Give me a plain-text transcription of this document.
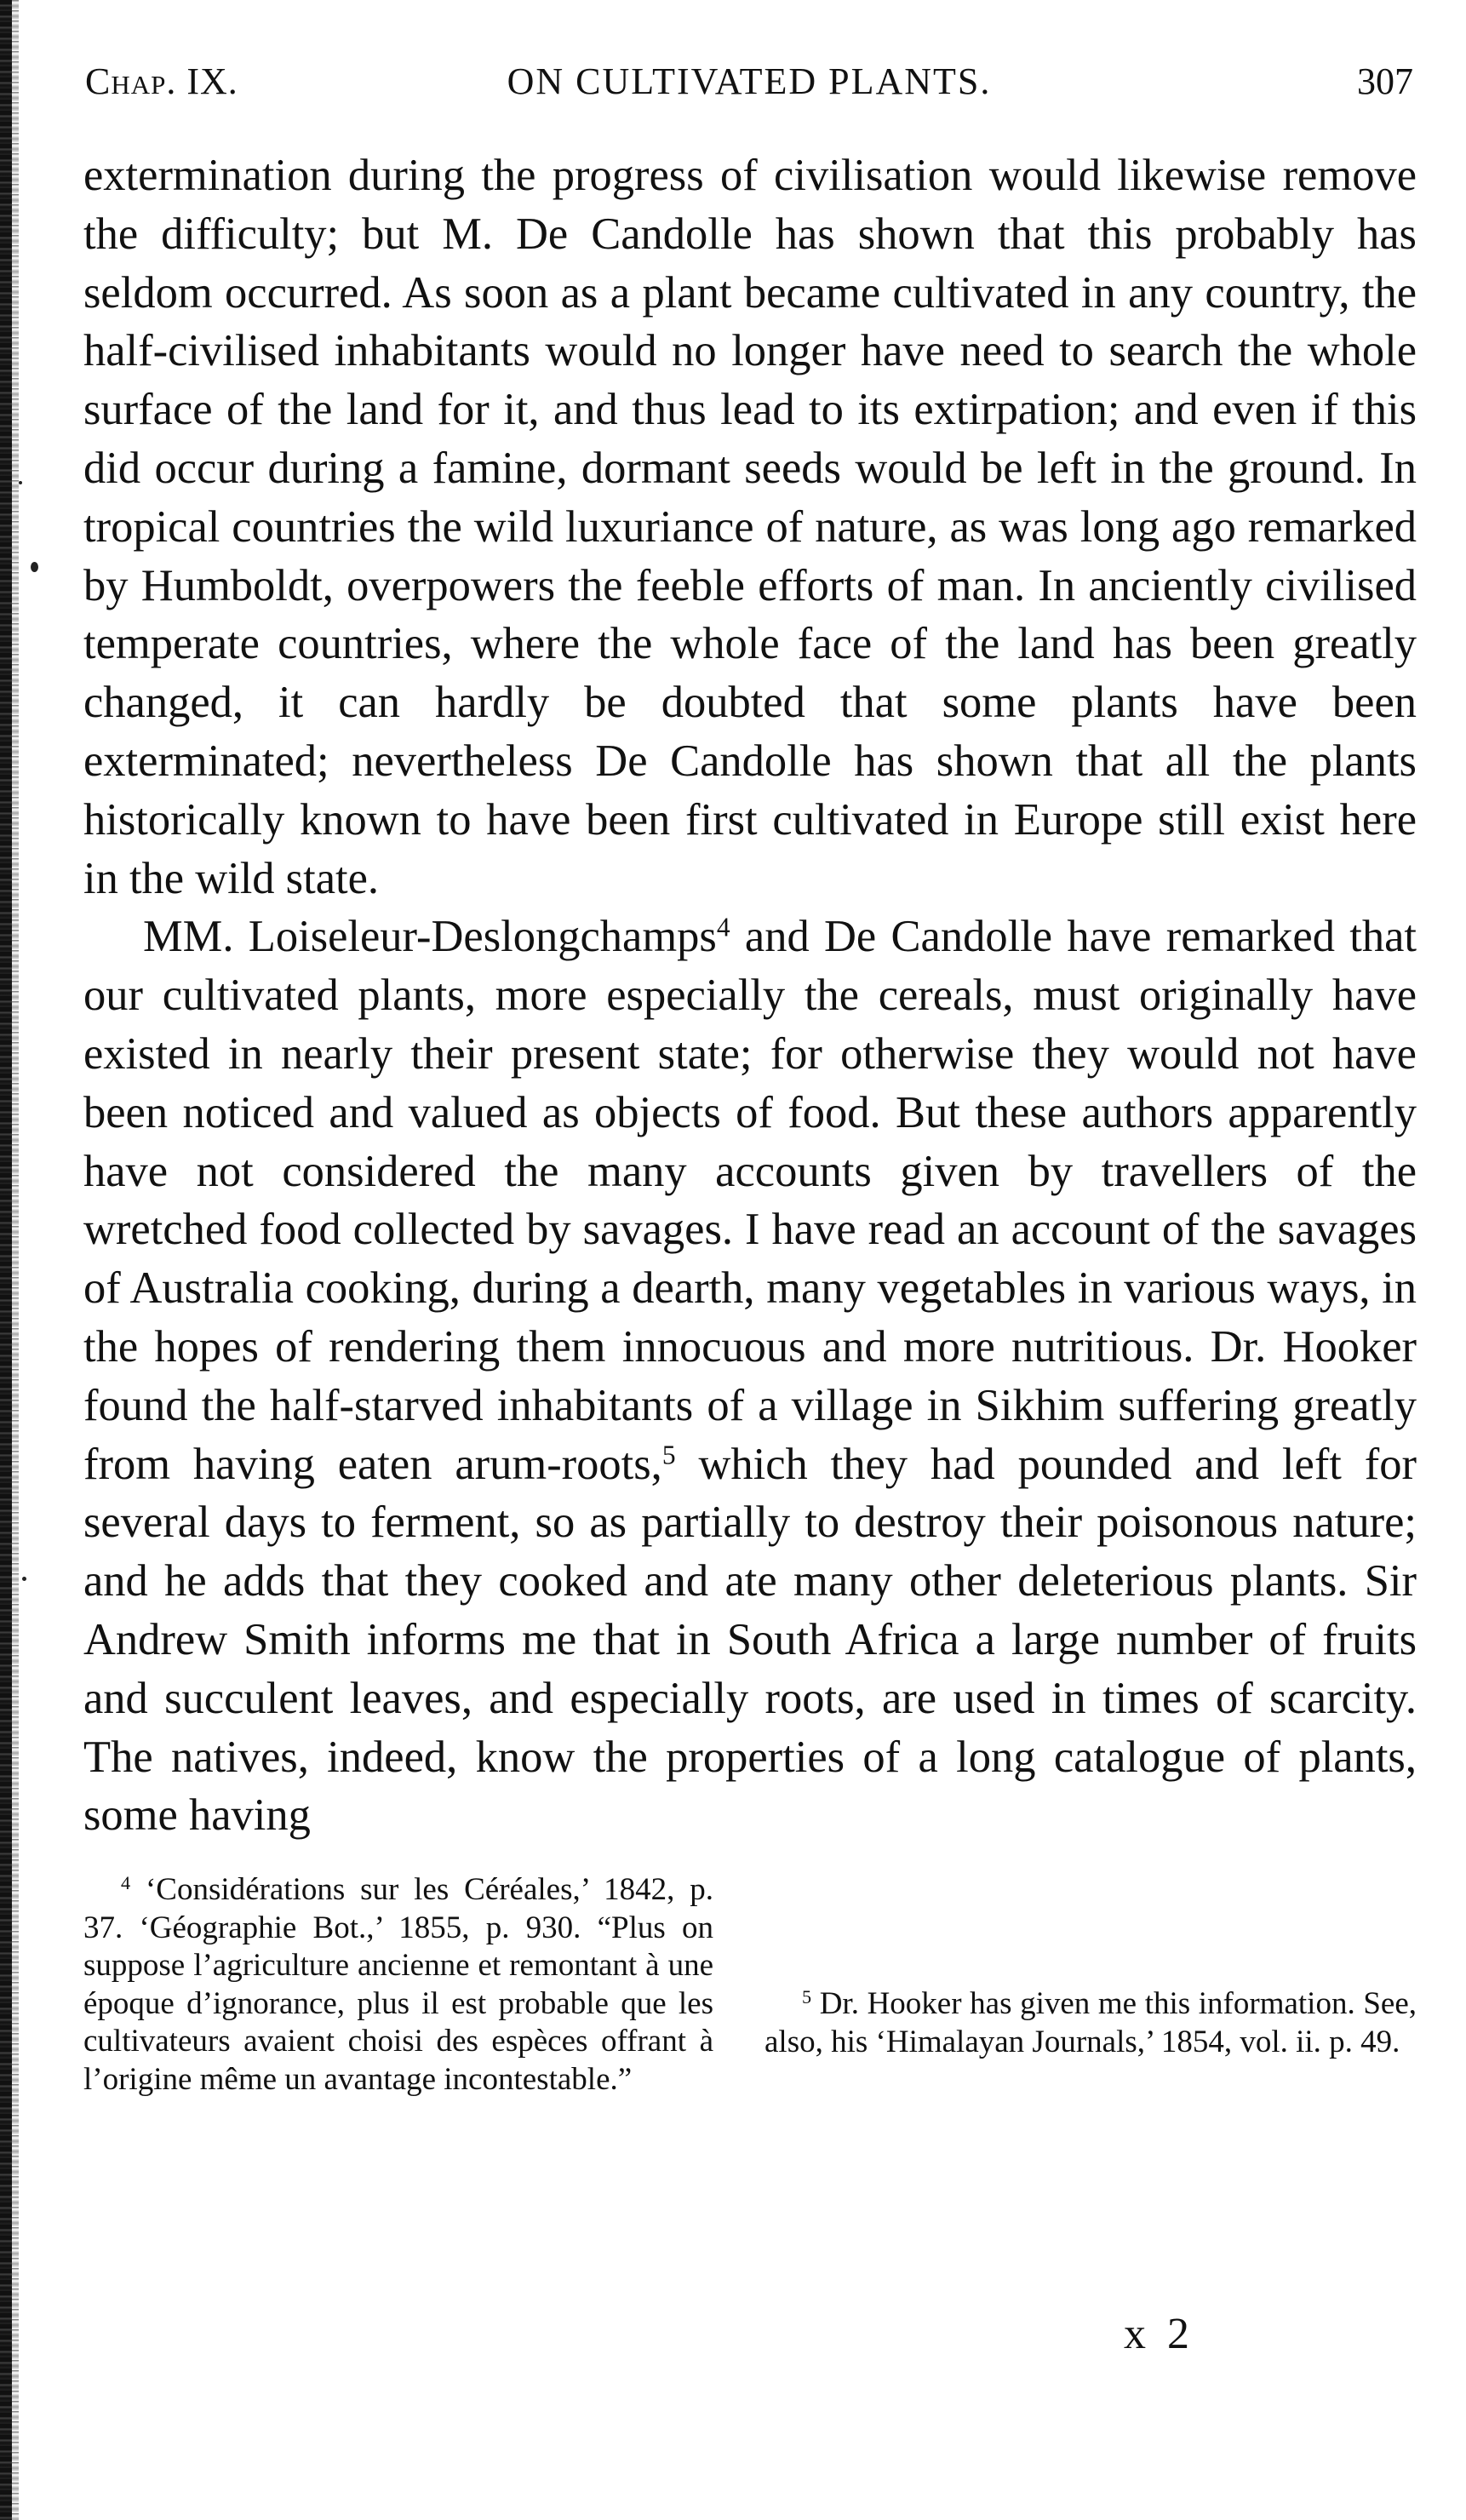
Chap. IX.	ON CULTIVATED PLANTS.	307

extermination during the progress of civilisation would likewise remove the difficulty; but M. De Candolle has shown that this probably has seldom occurred. As soon as a plant became cultivated in any country, the half-civilised inhabitants would no longer have need to search the whole surface of the land for it, and thus lead to its extirpation; and even if this did occur during a famine, dormant seeds would be left in the ground. In tropical countries the wild luxuriance of nature, as was long ago remarked by Humboldt, overpowers the feeble efforts of man. In anciently civilised temperate countries, where the whole face of the land has been greatly changed, it can hardly be doubted that some plants have been exterminated; nevertheless De Candolle has shown that all the plants historically known to have been first cultivated in Europe still exist here in the wild state.

MM. Loiseleur-Deslongchamps$^4$ and De Candolle have remarked that our cultivated plants, more especially the cereals, must originally have existed in nearly their present state; for otherwise they would not have been noticed and valued as objects of food. But these authors apparently have not considered the many accounts given by travellers of the wretched food collected by savages. I have read an account of the savages of Australia cooking, during a dearth, many vegetables in various ways, in the hopes of rendering them innocuous and more nutritious. Dr. Hooker found the half-starved inhabitants of a village in Sikhim suffering greatly from having eaten arum-roots,$^5$ which they had pounded and left for several days to ferment, so as partially to destroy their poisonous nature; and he adds that they cooked and ate many other deleterious plants. Sir Andrew Smith informs me that in South Africa a large number of fruits and succulent leaves, and especially roots, are used in times of scarcity. The natives, indeed, know the properties of a long catalogue of plants, some having

$^4$ ‘Considérations sur les Céréales,’ 1842, p. 37. ‘Géographie Bot.,’ 1855, p. 930. “Plus on suppose l’agriculture ancienne et remontant à une époque d’ignorance, plus il est probable que les cultivateurs avaient choisi des espèces offrant à l’origine même un avantage incontestable.”

$^5$ Dr. Hooker has given me this information. See, also, his ‘Himalayan Journals,’ 1854, vol. ii. p. 49.

x 2
